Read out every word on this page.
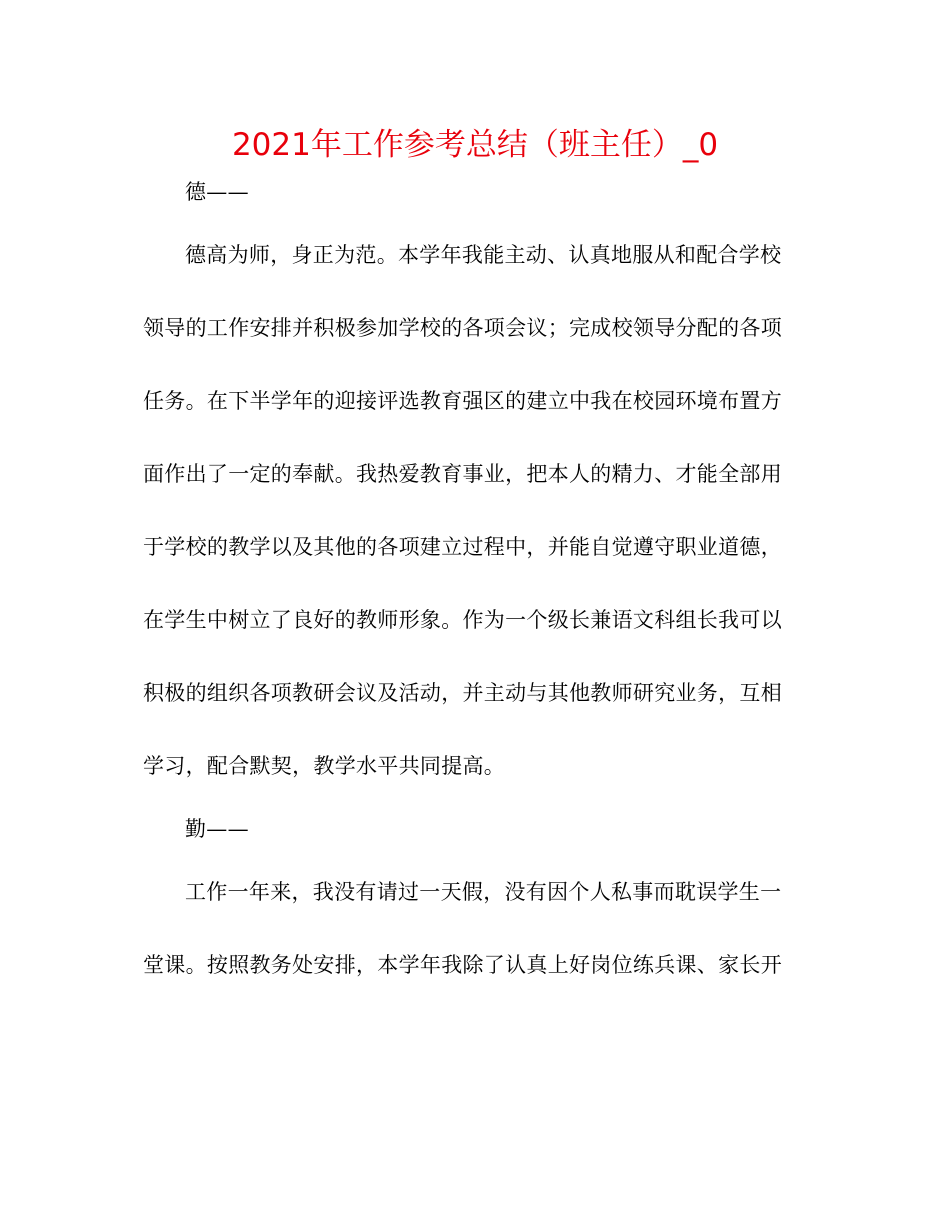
2021年工作参考总结（班主任）_0
德——
德高为师，身正为范。本学年我能主动、认真地服从和配合学校
领导的工作安排并积极参加学校的各项会议；完成校领导分配的各项
任务。在下半学年的迎接评选教育强区的建立中我在校园环境布置方
面作出了一定的奉献。我热爱教育事业，把本人的精力、才能全部用
于学校的教学以及其他的各项建立过程中，并能自觉遵守职业道德，
在学生中树立了良好的教师形象。作为一个级长兼语文科组长我可以
积极的组织各项教研会议及活动，并主动与其他教师研究业务，互相
学习，配合默契，教学水平共同提高。
勤——
工作一年来，我没有请过一天假，没有因个人私事而耽误学生一
堂课。按照教务处安排，本学年我除了认真上好岗位练兵课、家长开
